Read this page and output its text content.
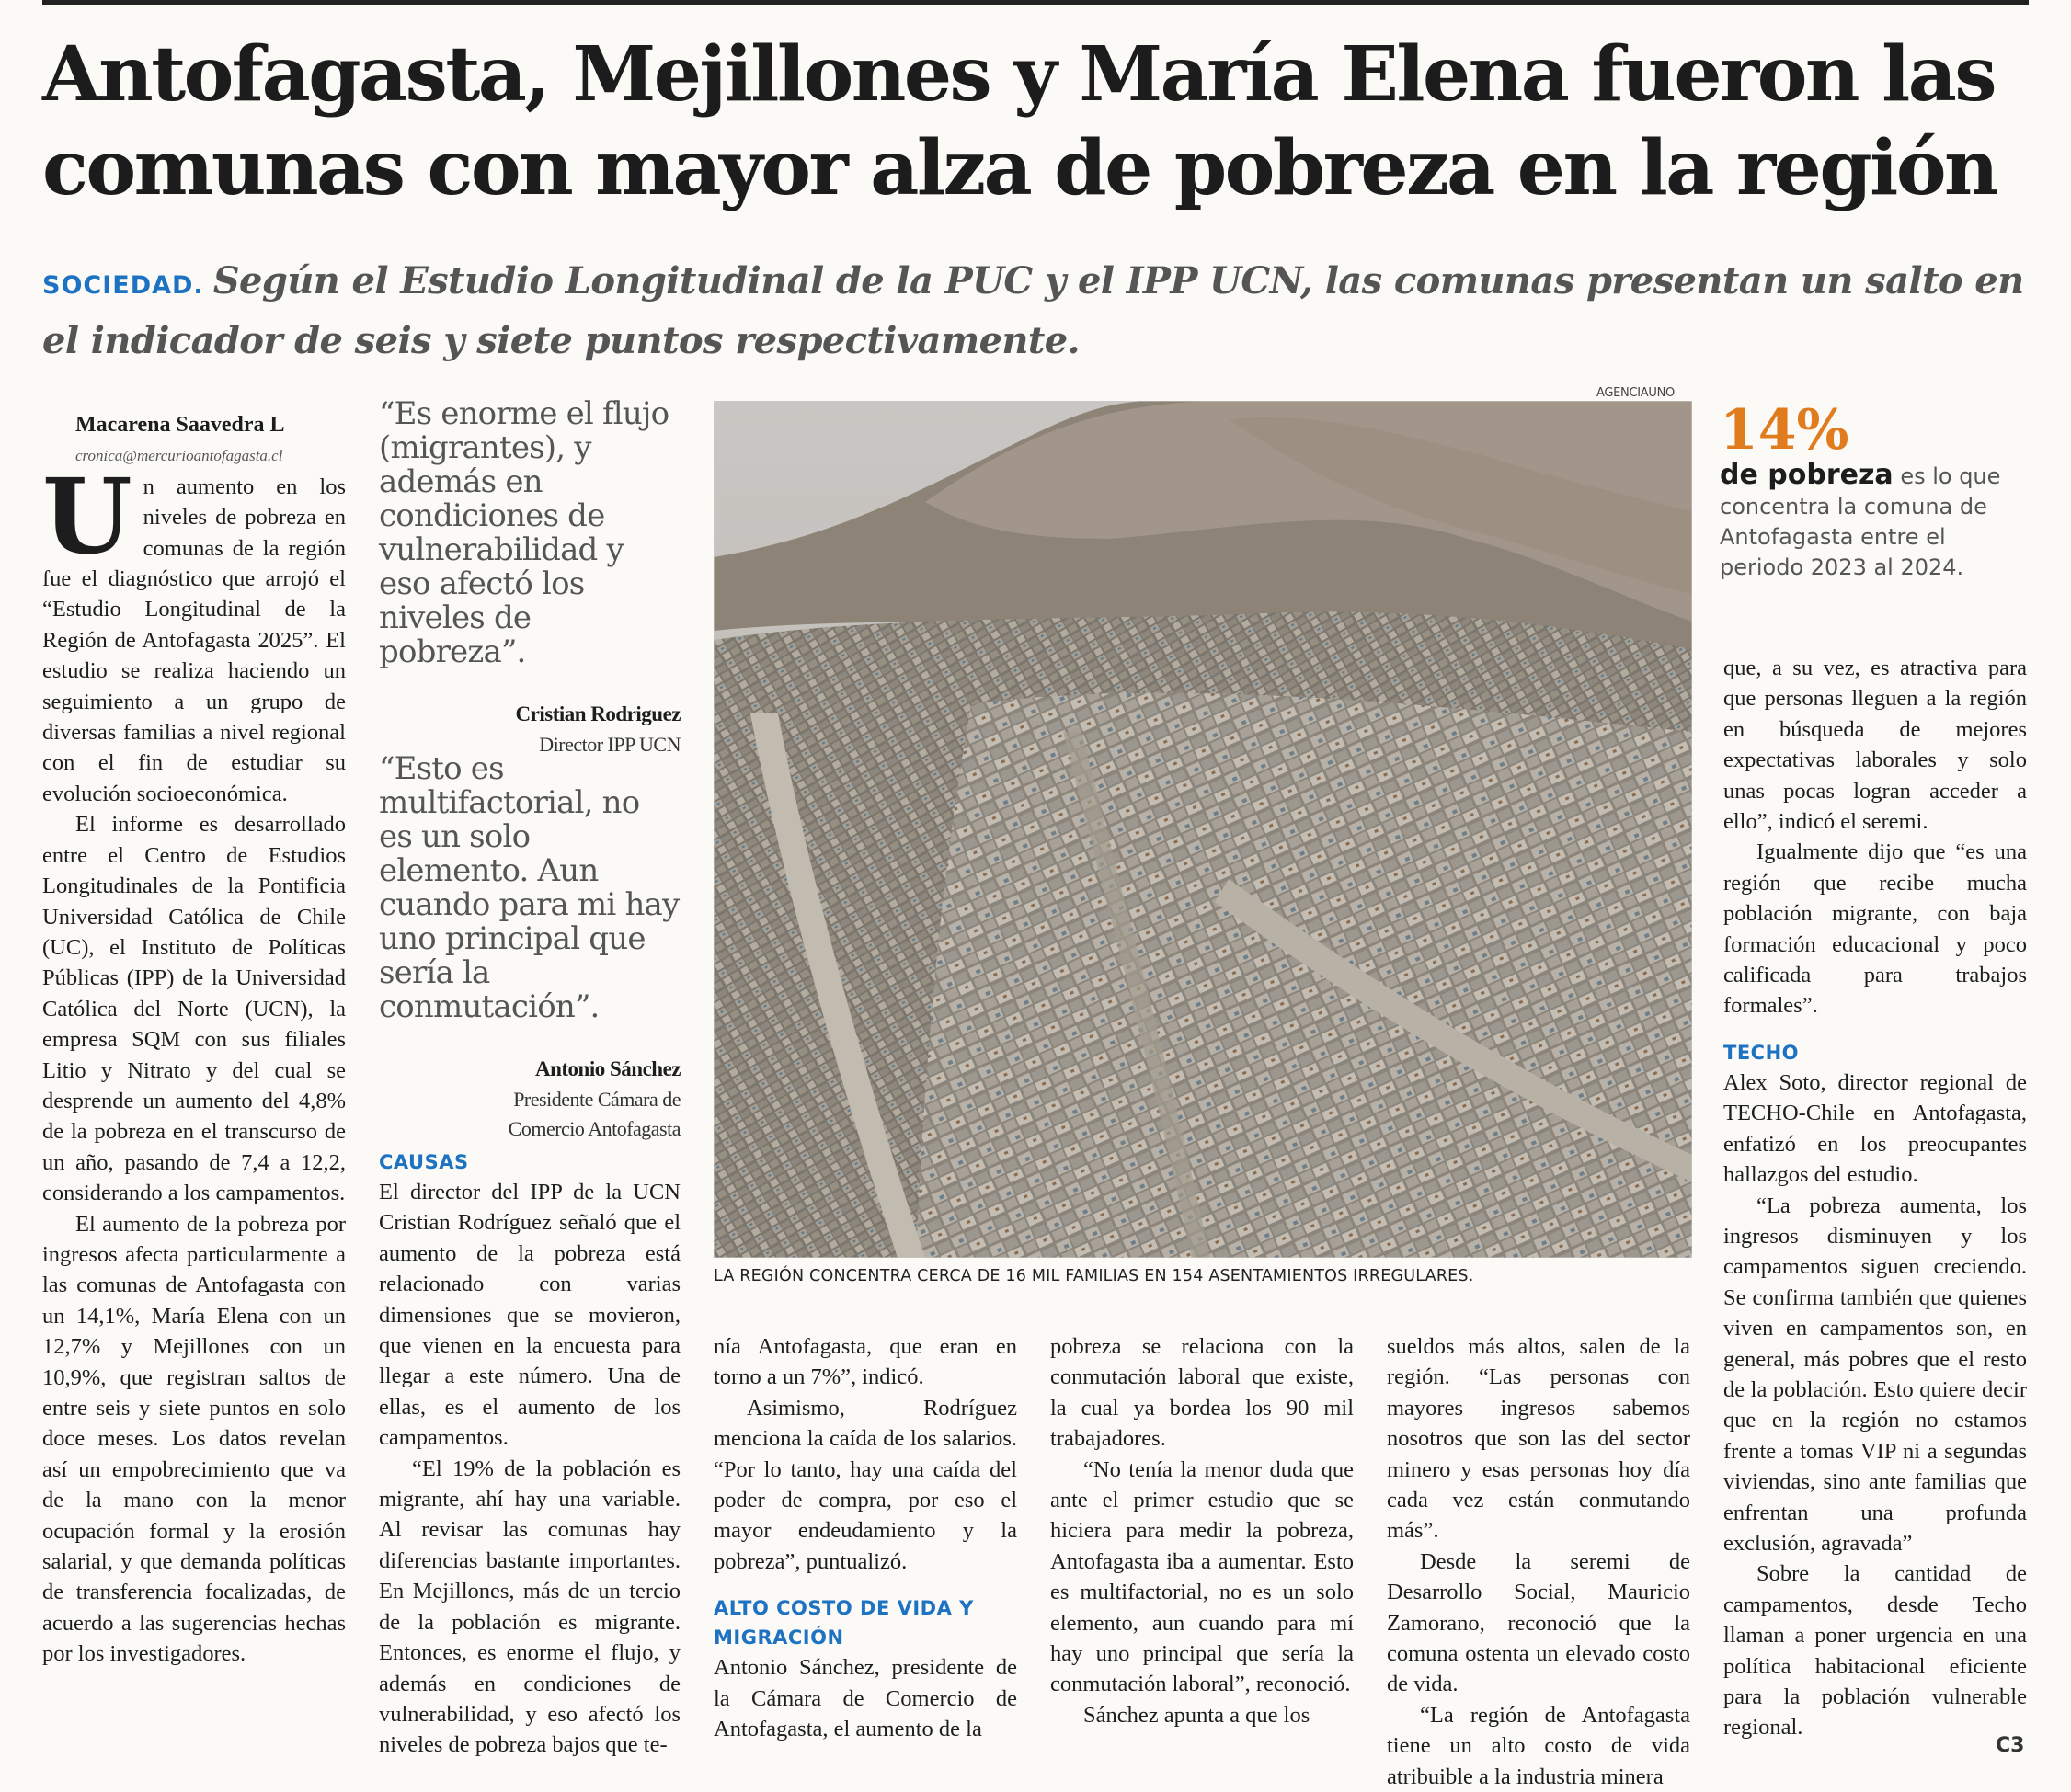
Antofagasta, Mejillones y María Elena fueron las
comunas con mayor alza de pobreza en la región

SOCIEDAD. Según el Estudio Longitudinal de la PUC y el IPP UCN, las comunas presentan un salto en el indicador de seis y siete puntos respectivamente.

Macarena Saavedra L

cronica@mercurioantofagasta.cl

Un aumento en los niveles de pobreza en comunas de la región fue el diagnóstico que arrojó el “Estudio Longitudinal de la Región de Antofagasta 2025”. El estudio se realiza haciendo un seguimiento a un grupo de diversas familias a nivel regional con el fin de estudiar su evolución socioeconómica.

El informe es desarrollado entre el Centro de Estudios Longitudinales de la Pontificia Universidad Católica de Chile (UC), el Instituto de Políticas Públicas (IPP) de la Universidad Católica del Norte (UCN), la empresa SQM con sus filiales Litio y Nitrato y del cual se desprende un aumento del 4,8% de la pobreza en el transcurso de un año, pasando de 7,4 a 12,2, considerando a los campamentos.

El aumento de la pobreza por ingresos afecta particularmente a las comunas de Antofagasta con un 14,1%, María Elena con un 12,7% y Mejillones con un 10,9%, que registran saltos de entre seis y siete puntos en solo doce meses. Los datos revelan así un empobrecimiento que va de la mano con la menor ocupación formal y la erosión salarial, y que demanda políticas de transferencia focalizadas, de acuerdo a las sugerencias hechas por los investigadores.

“Es enorme el flujo (migrantes), y además en condiciones de vulnerabilidad y eso afectó los niveles de pobreza”.

Cristian Rodriguez

Director IPP UCN

“Esto es multifactorial, no es un solo elemento. Aun cuando para mi hay uno principal que sería la conmutación”.

Antonio Sánchez

Presidente Cámara de Comercio Antofagasta

CAUSAS

El director del IPP de la UCN Cristian Rodríguez señaló que el aumento de la pobreza está relacionado con varias dimensiones que se movieron, que vienen en la encuesta para llegar a este número. Una de ellas, es el aumento de los campamentos.

“El 19% de la población es migrante, ahí hay una variable. Al revisar las comunas hay diferencias bastante importantes. En Mejillones, más de un tercio de la población es migrante. Entonces, es enorme el flujo, y además en condiciones de vulnerabilidad, y eso afectó los niveles de pobreza bajos que te-

AGENCIAUNO
LA REGIÓN CONCENTRA CERCA DE 16 MIL FAMILIAS EN 154 ASENTAMIENTOS IRREGULARES.

14%

de pobreza es lo que concentra la comuna de Antofagasta entre el periodo 2023 al 2024.

nía Antofagasta, que eran en torno a un 7%”, indicó.

Asimismo, Rodríguez menciona la caída de los salarios. “Por lo tanto, hay una caída del poder de compra, por eso el mayor endeudamiento y la pobreza”, puntualizó.

ALTO COSTO DE VIDA Y

MIGRACIÓN

Antonio Sánchez, presidente de la Cámara de Comercio de Antofagasta, el aumento de la

pobreza se relaciona con la conmutación laboral que existe, la cual ya bordea los 90 mil trabajadores.

“No tenía la menor duda que ante el primer estudio que se hiciera para medir la pobreza, Antofagasta iba a aumentar. Esto es multifactorial, no es un solo elemento, aun cuando para mí hay uno principal que sería la conmutación laboral”, reconoció.

Sánchez apunta a que los

sueldos más altos, salen de la región. “Las personas con mayores ingresos sabemos nosotros que son las del sector minero y esas personas hoy día cada vez están conmutando más”.

Desde la seremi de Desarrollo Social, Mauricio Zamorano, reconoció que la comuna ostenta un elevado costo de vida.

“La región de Antofagasta tiene un alto costo de vida atribuible a la industria minera

que, a su vez, es atractiva para que personas lleguen a la región en búsqueda de mejores expectativas laborales y solo unas pocas logran acceder a ello”, indicó el seremi.

Igualmente dijo que “es una región que recibe mucha población migrante, con baja formación educacional y poco calificada para trabajos formales”.

TECHO

Alex Soto, director regional de TECHO-Chile en Antofagasta, enfatizó en los preocupantes hallazgos del estudio.

“La pobreza aumenta, los ingresos disminuyen y los campamentos siguen creciendo. Se confirma también que quienes viven en campamentos son, en general, más pobres que el resto de la población. Esto quiere decir que en la región no estamos frente a tomas VIP ni a segundas viviendas, sino ante familias que enfrentan una profunda exclusión, agravada”

Sobre la cantidad de campamentos, desde Techo llaman a poner urgencia en una política habitacional eficiente para la población vulnerable regional.

C3
